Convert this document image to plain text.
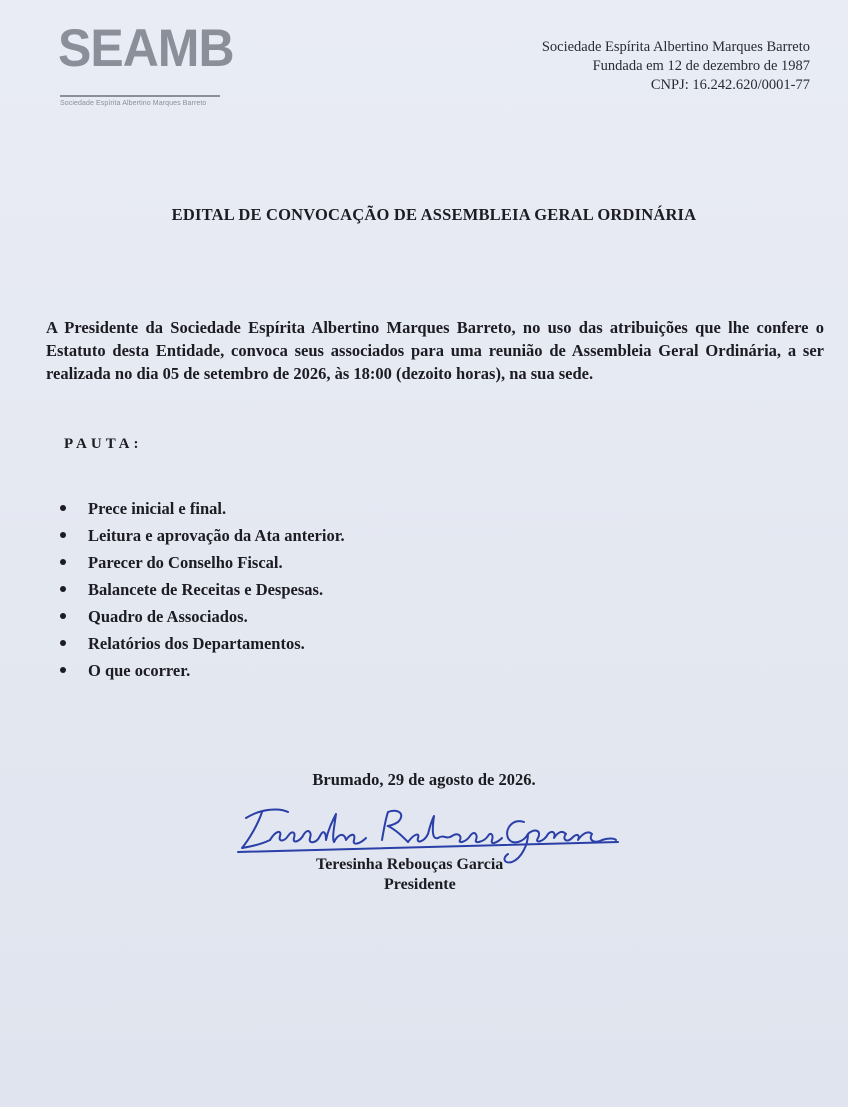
SEAMB
Sociedade Espírita Albertino Marques Barreto
Sociedade Espírita Albertino Marques Barreto
Fundada em 12 de dezembro de 1987
CNPJ: 16.242.620/0001-77
EDITAL DE CONVOCAÇÃO DE ASSEMBLEIA GERAL ORDINÁRIA
A Presidente da Sociedade Espírita Albertino Marques Barreto, no uso das atribuições que lhe confere o Estatuto desta Entidade, convoca seus associados para uma reunião de Assembleia Geral Ordinária, a ser realizada no dia 05 de setembro de 2026, às 18:00 (dezoito horas), na sua sede.
PAUTA:
Prece inicial e final.
Leitura e aprovação da Ata anterior.
Parecer do Conselho Fiscal.
Balancete de Receitas e Despesas.
Quadro de Associados.
Relatórios dos Departamentos.
O que ocorrer.
Brumado, 29 de agosto de 2026.
Teresinha Rebouças Garcia
Presidente
